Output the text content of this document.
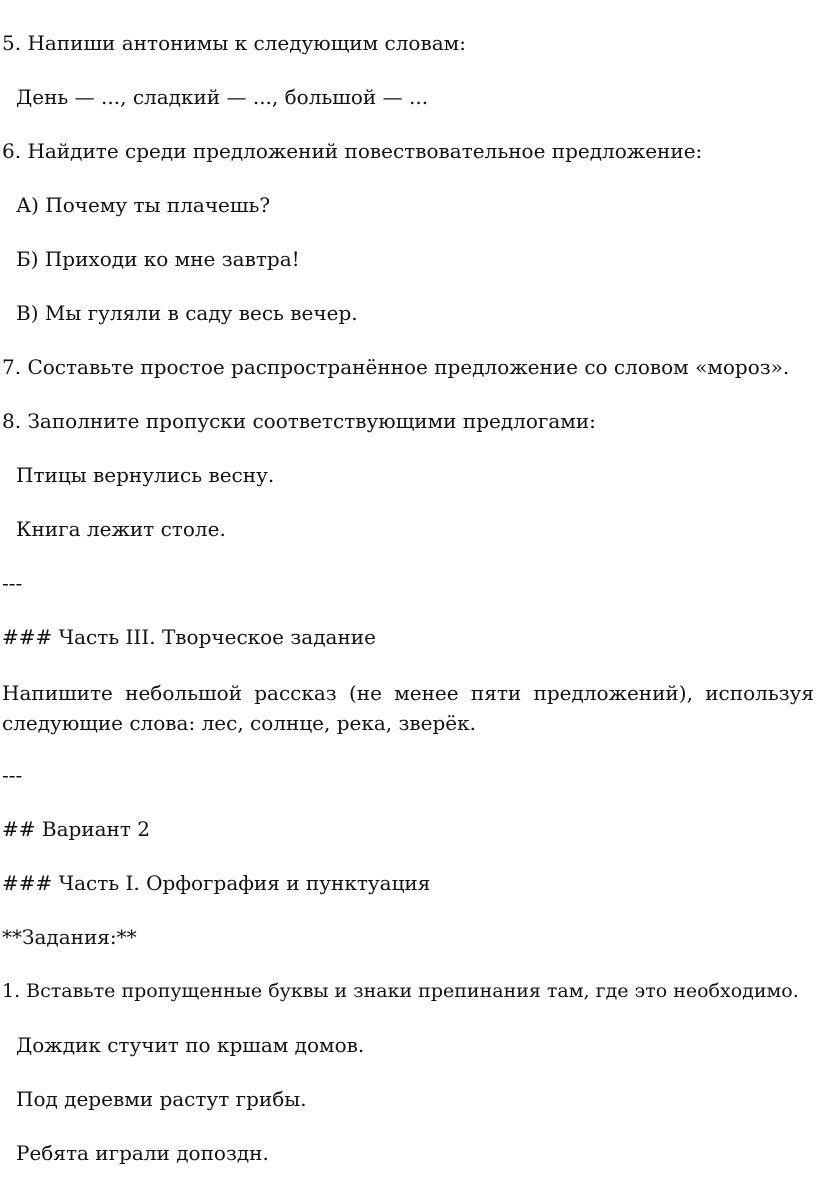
5. Напиши антонимы к следующим словам:
День — ..., сладкий — ..., большой — ...
6. Найдите среди предложений повествовательное предложение:
А) Почему ты плачешь?
Б) Приходи ко мне завтра!
В) Мы гуляли в саду весь вечер.
7. Составьте простое распространённое предложение со словом «мороз».
8. Заполните пропуски соответствующими предлогами:
Птицы вернулись весну.
Книга лежит столе.
---
### Часть III. Творческое задание
Напишите небольшой рассказ (не менее пяти предложений), используя следующие слова: лес, солнце, река, зверёк.
---
## Вариант 2
### Часть I. Орфография и пунктуация
**Задания:**
1. Вставьте пропущенные буквы и знаки препинания там, где это необходимо.
Дождик стучит по кршам домов.
Под деревми растут грибы.
Ребята играли допоздн.
